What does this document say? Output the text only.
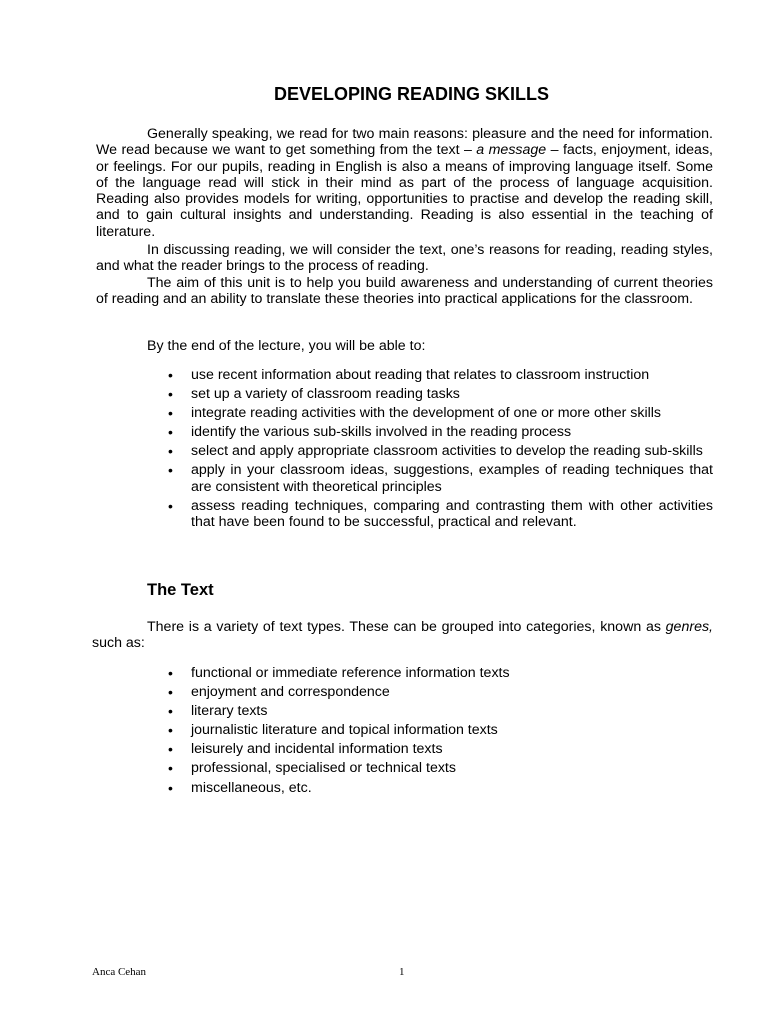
DEVELOPING READING SKILLS

Generally speaking, we read for two main reasons: pleasure and the need for information. We read because we want to get something from the text – a message – facts, enjoyment, ideas, or feelings. For our pupils, reading in English is also a means of improving language itself. Some of the language read will stick in their mind as part of the process of language acquisition. Reading also provides models for writing, opportunities to practise and develop the reading skill, and to gain cultural insights and understanding. Reading is also essential in the teaching of literature.

In discussing reading, we will consider the text, one’s reasons for reading, reading styles, and what the reader brings to the process of reading.

The aim of this unit is to help you build awareness and understanding of current theories of reading and an ability to translate these theories into practical applications for the classroom.

By the end of the lecture, you will be able to:
• use recent information about reading that relates to classroom instruction
• set up a variety of classroom reading tasks
• integrate reading activities with the development of one or more other skills
• identify the various sub-skills involved in the reading process
• select and apply appropriate classroom activities to develop the reading sub-skills
• apply in your classroom ideas, suggestions, examples of reading techniques that are consistent with theoretical principles
• assess reading techniques, comparing and contrasting them with other activities that have been found to be successful, practical and relevant.
The Text

There is a variety of text types. These can be grouped into categories, known as genres, such as:

• functional or immediate reference information texts
• enjoyment and correspondence
• literary texts
• journalistic literature and topical information texts
• leisurely and incidental information texts
• professional, specialised or technical texts
• miscellaneous, etc.
Anca Cehan	1
